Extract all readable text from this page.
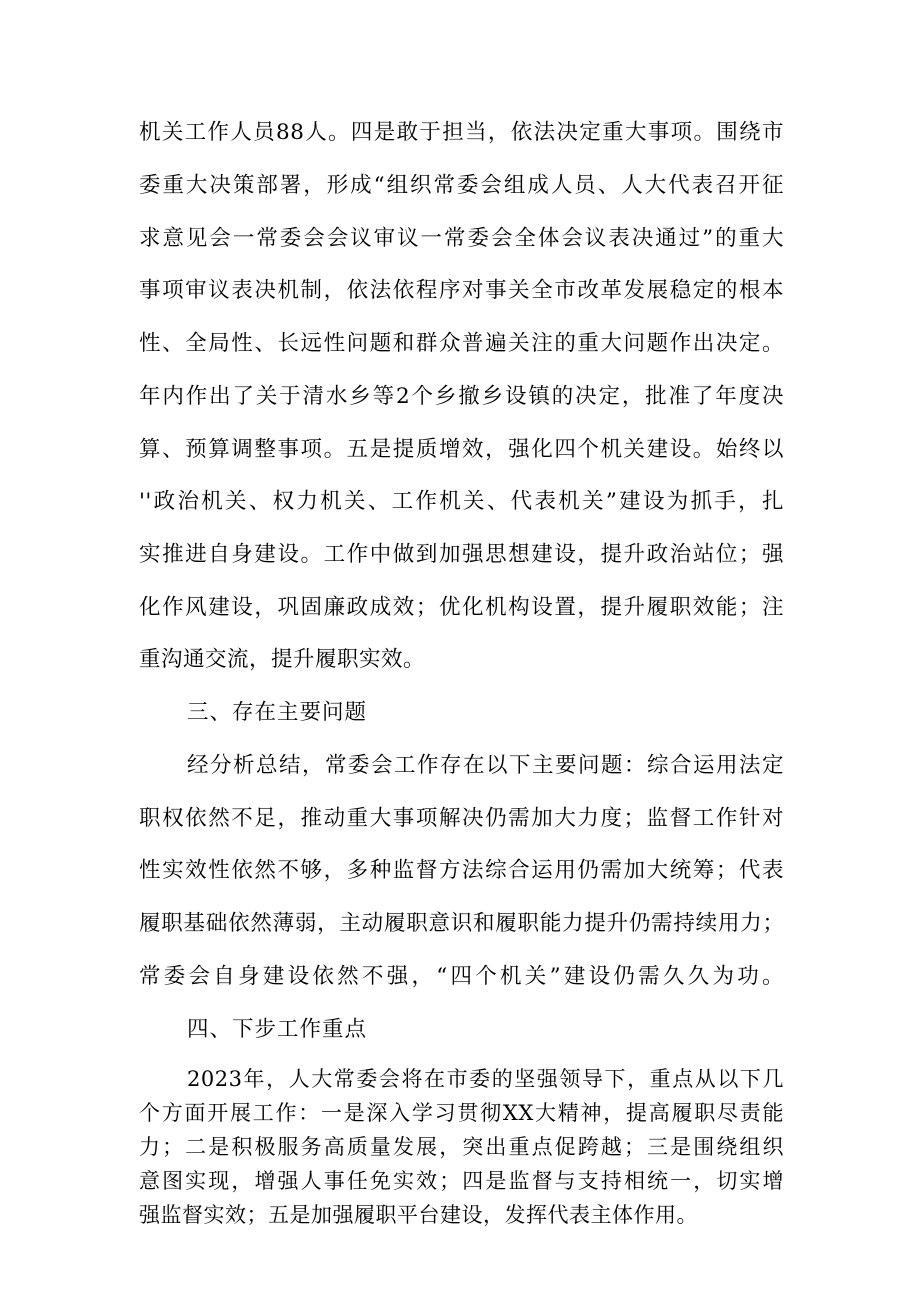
机关工作人员88人。四是敢于担当，依法决定重大事项。围绕市
委重大决策部署，形成“组织常委会组成人员、人大代表召开征
求意见会一常委会会议审议一常委会全体会议表决通过”的重大
事项审议表决机制，依法依程序对事关全市改革发展稳定的根本
性、全局性、长远性问题和群众普遍关注的重大问题作出决定。
年内作出了关于清水乡等2个乡撤乡设镇的决定，批准了年度决
算、预算调整事项。五是提质增效，强化四个机关建设。始终以
''政治机关、权力机关、工作机关、代表机关”建设为抓手，扎
实推进自身建设。工作中做到加强思想建设，提升政治站位；强
化作风建设，巩固廉政成效；优化机构设置，提升履职效能；注
重沟通交流，提升履职实效。
三、存在主要问题
经分析总结，常委会工作存在以下主要问题：综合运用法定
职权依然不足，推动重大事项解决仍需加大力度；监督工作针对
性实效性依然不够，多种监督方法综合运用仍需加大统筹；代表
履职基础依然薄弱，主动履职意识和履职能力提升仍需持续用力；
常委会自身建设依然不强，“四个机关”建设仍需久久为功。
四、下步工作重点
2023年，人大常委会将在市委的坚强领导下，重点从以下几
个方面开展工作：一是深入学习贯彻XX大精神，提高履职尽责能
力；二是积极服务高质量发展，突出重点促跨越；三是围绕组织
意图实现，增强人事任免实效；四是监督与支持相统一，切实增
强监督实效；五是加强履职平台建设，发挥代表主体作用。
